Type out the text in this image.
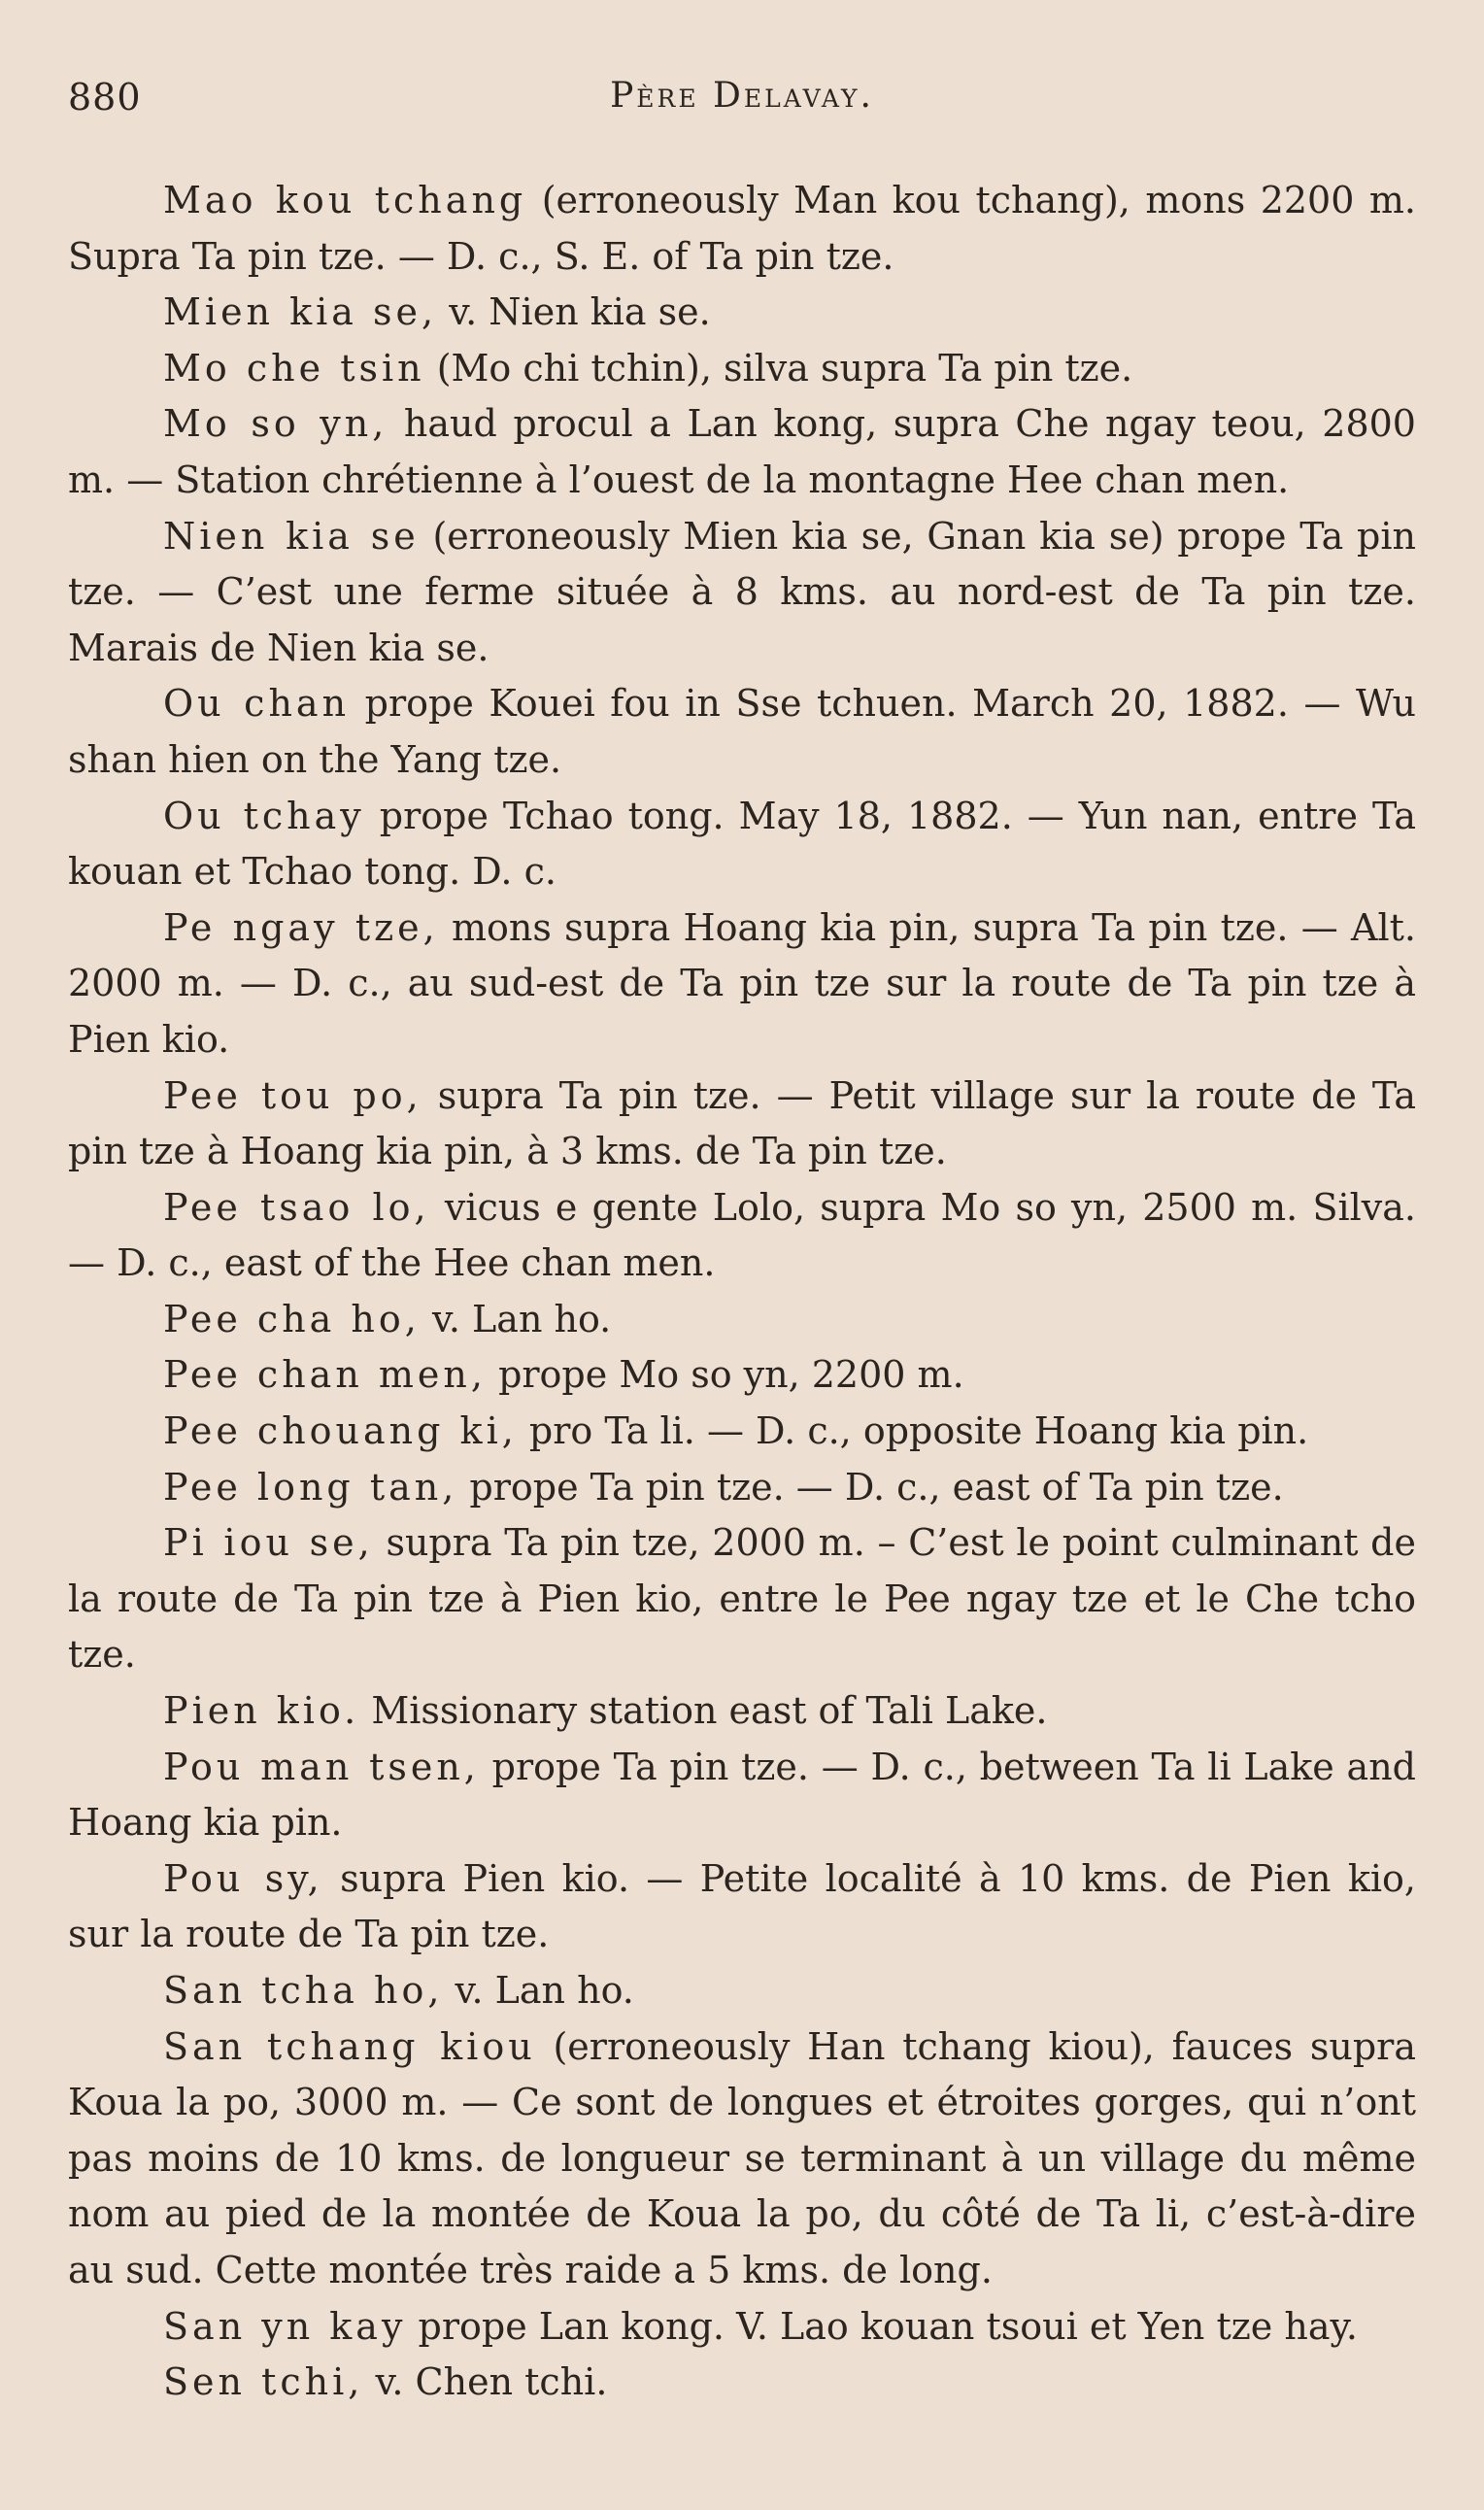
880	Père Delavay.

Mao kou tchang (erroneously Man kou tchang), mons 2200 m. Supra Ta pin tze. — D. c., S. E. of Ta pin tze.

Mien kia se, v. Nien kia se.

Mo che tsin (Mo chi tchin), silva supra Ta pin tze.

Mo so yn, haud procul a Lan kong, supra Che ngay teou, 2800 m. — Station chrétienne à l’ouest de la montagne Hee chan men.

Nien kia se (erroneously Mien kia se, Gnan kia se) prope Ta pin tze. — C’est une ferme située à 8 kms. au nord-est de Ta pin tze. Marais de Nien kia se.

Ou chan prope Kouei fou in Sse tchuen. March 20, 1882. — Wu shan hien on the Yang tze.

Ou tchay prope Tchao tong. May 18, 1882. — Yun nan, entre Ta kouan et Tchao tong. D. c.

Pe ngay tze, mons supra Hoang kia pin, supra Ta pin tze. — Alt. 2000 m. — D. c., au sud-est de Ta pin tze sur la route de Ta pin tze à Pien kio.

Pee tou po, supra Ta pin tze. — Petit village sur la route de Ta pin tze à Hoang kia pin, à 3 kms. de Ta pin tze.

Pee tsao lo, vicus e gente Lolo, supra Mo so yn, 2500 m. Silva. — D. c., east of the Hee chan men.

Pee cha ho, v. Lan ho.

Pee chan men, prope Mo so yn, 2200 m.

Pee chouang ki, pro Ta li. — D. c., opposite Hoang kia pin.

Pee long tan, prope Ta pin tze. — D. c., east of Ta pin tze.

Pi iou se, supra Ta pin tze, 2000 m. – C’est le point culminant de la route de Ta pin tze à Pien kio, entre le Pee ngay tze et le Che tcho tze.

Pien kio. Missionary station east of Tali Lake.

Pou man tsen, prope Ta pin tze. — D. c., between Ta li Lake and Hoang kia pin.

Pou sy, supra Pien kio. — Petite localité à 10 kms. de Pien kio, sur la route de Ta pin tze.

San tcha ho, v. Lan ho.

San tchang kiou (erroneously Han tchang kiou), fauces supra Koua la po, 3000 m. — Ce sont de longues et étroites gorges, qui n’ont pas moins de 10 kms. de longueur se terminant à un village du même nom au pied de la montée de Koua la po, du côté de Ta li, c’est-à-dire au sud. Cette montée très raide a 5 kms. de long.

San yn kay prope Lan kong. V. Lao kouan tsoui et Yen tze hay.

Sen tchi, v. Chen tchi.
